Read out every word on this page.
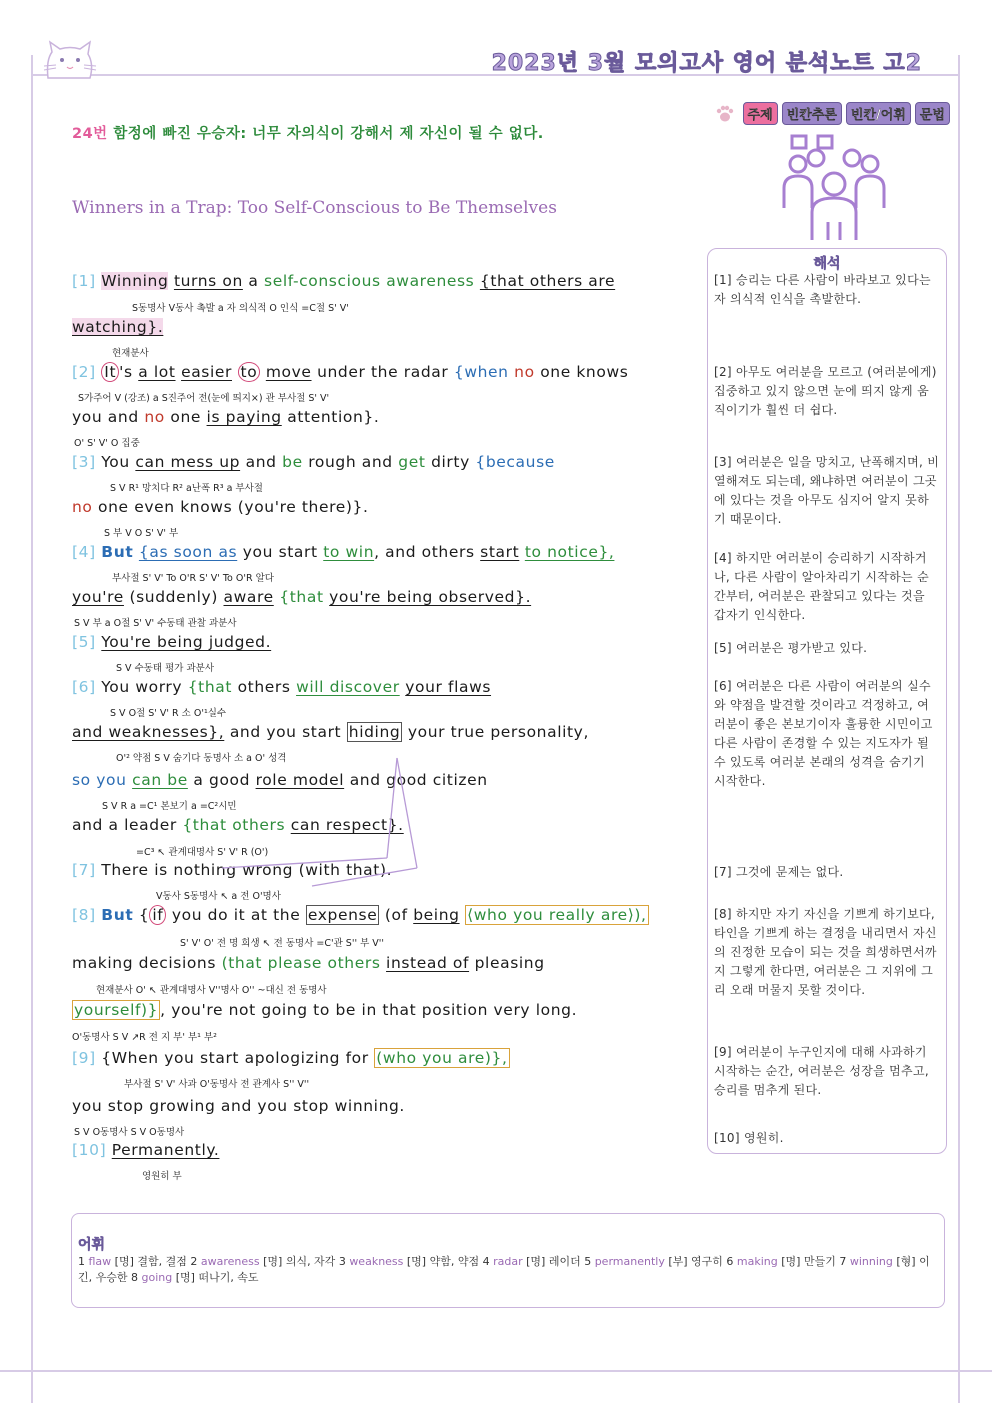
2023년 3월 모의고사 영어 분석노트 고2
주제	빈칸추론	빈칸/어휘	문법
24번 함정에 빠진 우승자: 너무 자의식이 강해서 제 자신이 될 수 없다.
Winners in a Trap: Too Self-Conscious to Be Themselves
[1] Winning turns on a self-conscious awareness {that others are
S동명사 V동사 촉발 a 자 의식적 O 인식 =C절 S' V'
watching}.
현재분사
[2] It 's a lot easier to move under the radar {when no one knows
S가주어 V (강조) a S진주어 전(눈에 띄지×) 관 부사절 S' V'
you and no one is paying attention}.
O' S' V' O 집중
[3] You can mess up and be rough and get dirty {because
S V R¹ 망치다 R² a난폭 R³ a 부사절
no one even knows (you're there)}.
S 부 V O S' V' 부
[4] But {as soon as you start to win, and others start to notice},
부사절 S' V' To O'R S' V' To O'R 알다
you're (suddenly) aware {that you're being observed}.
S V 부 a O절 S' V' 수동태 관찰 과분사
[5] You're being judged.
S V 수동태 평가 과분사
[6] You worry {that others will discover your flaws
S V O절 S' V' R 소 O'¹실수
and weaknesses}, and you start hiding your true personality,
O'² 약점 S V 숨기다 동명사 소 a O' 성격
so you can be a good role model and good citizen
S V R a =C¹ 본보기 a =C²시민
and a leader {that others can respect}.
=C³ ↖ 관계대명사 S' V' R (O')
[7] There is nothing wrong (with that).
V동사 S동명사 ↖ a 전 O'명사
[8] But { if you do it at the expense (of being ⟨who you really are⟩),
S' V' O' 전 명 희생 ↖ 전 동명사 =C'관 S'' 부 V''
making decisions (that please others instead of pleasing
현재분사 O' ↖ 관계대명사 V''명사 O'' ~대신 전 동명사
yourself)} , you're not going to be in that position very long.
O'동명사 S V ↗R 전 지 부' 부¹ 부²
[9] {When you start apologizing for (who you are)},
부사절 S' V' 사과 O'동명사 전 관계사 S'' V''
you stop growing and you stop winning.
S V O동명사 S V O동명사
[10] Permanently.
영원히 부
해석
[1] 승리는 다른 사람이 바라보고 있다는 자 의식적 인식을 촉발한다.
[2] 아무도 여러분을 모르고 (여러분에게) 집중하고 있지 않으면 눈에 띄지 않게 움직이기가 훨씬 더 쉽다.
[3] 여러분은 일을 망치고, 난폭해지며, 비열해져도 되는데, 왜냐하면 여러분이 그곳에 있다는 것을 아무도 심지어 알지 못하기 때문이다.
[4] 하지만 여러분이 승리하기 시작하거나, 다른 사람이 알아차리기 시작하는 순간부터, 여러분은 관찰되고 있다는 것을 갑자기 인식한다.
[5] 여러분은 평가받고 있다.
[6] 여러분은 다른 사람이 여러분의 실수와 약점을 발견할 것이라고 걱정하고, 여러분이 좋은 본보기이자 훌륭한 시민이고 다른 사람이 존경할 수 있는 지도자가 될 수 있도록 여러분 본래의 성격을 숨기기 시작한다.
[7] 그것에 문제는 없다.
[8] 하지만 자기 자신을 기쁘게 하기보다, 타인을 기쁘게 하는 결정을 내리면서 자신의 진정한 모습이 되는 것을 희생하면서까지 그렇게 한다면, 여러분은 그 지위에 그리 오래 머물지 못할 것이다.
[9] 여러분이 누구인지에 대해 사과하기 시작하는 순간, 여러분은 성장을 멈추고, 승리를 멈추게 된다.
[10] 영원히.
어휘
1 flaw [명] 결함, 결점 2 awareness [명] 의식, 자각 3 weakness [명] 약함, 약점 4 radar [명] 레이더 5 permanently [부] 영구히 6 making [명] 만들기 7 winning [형] 이긴, 우승한 8 going [명] 떠나기, 속도
